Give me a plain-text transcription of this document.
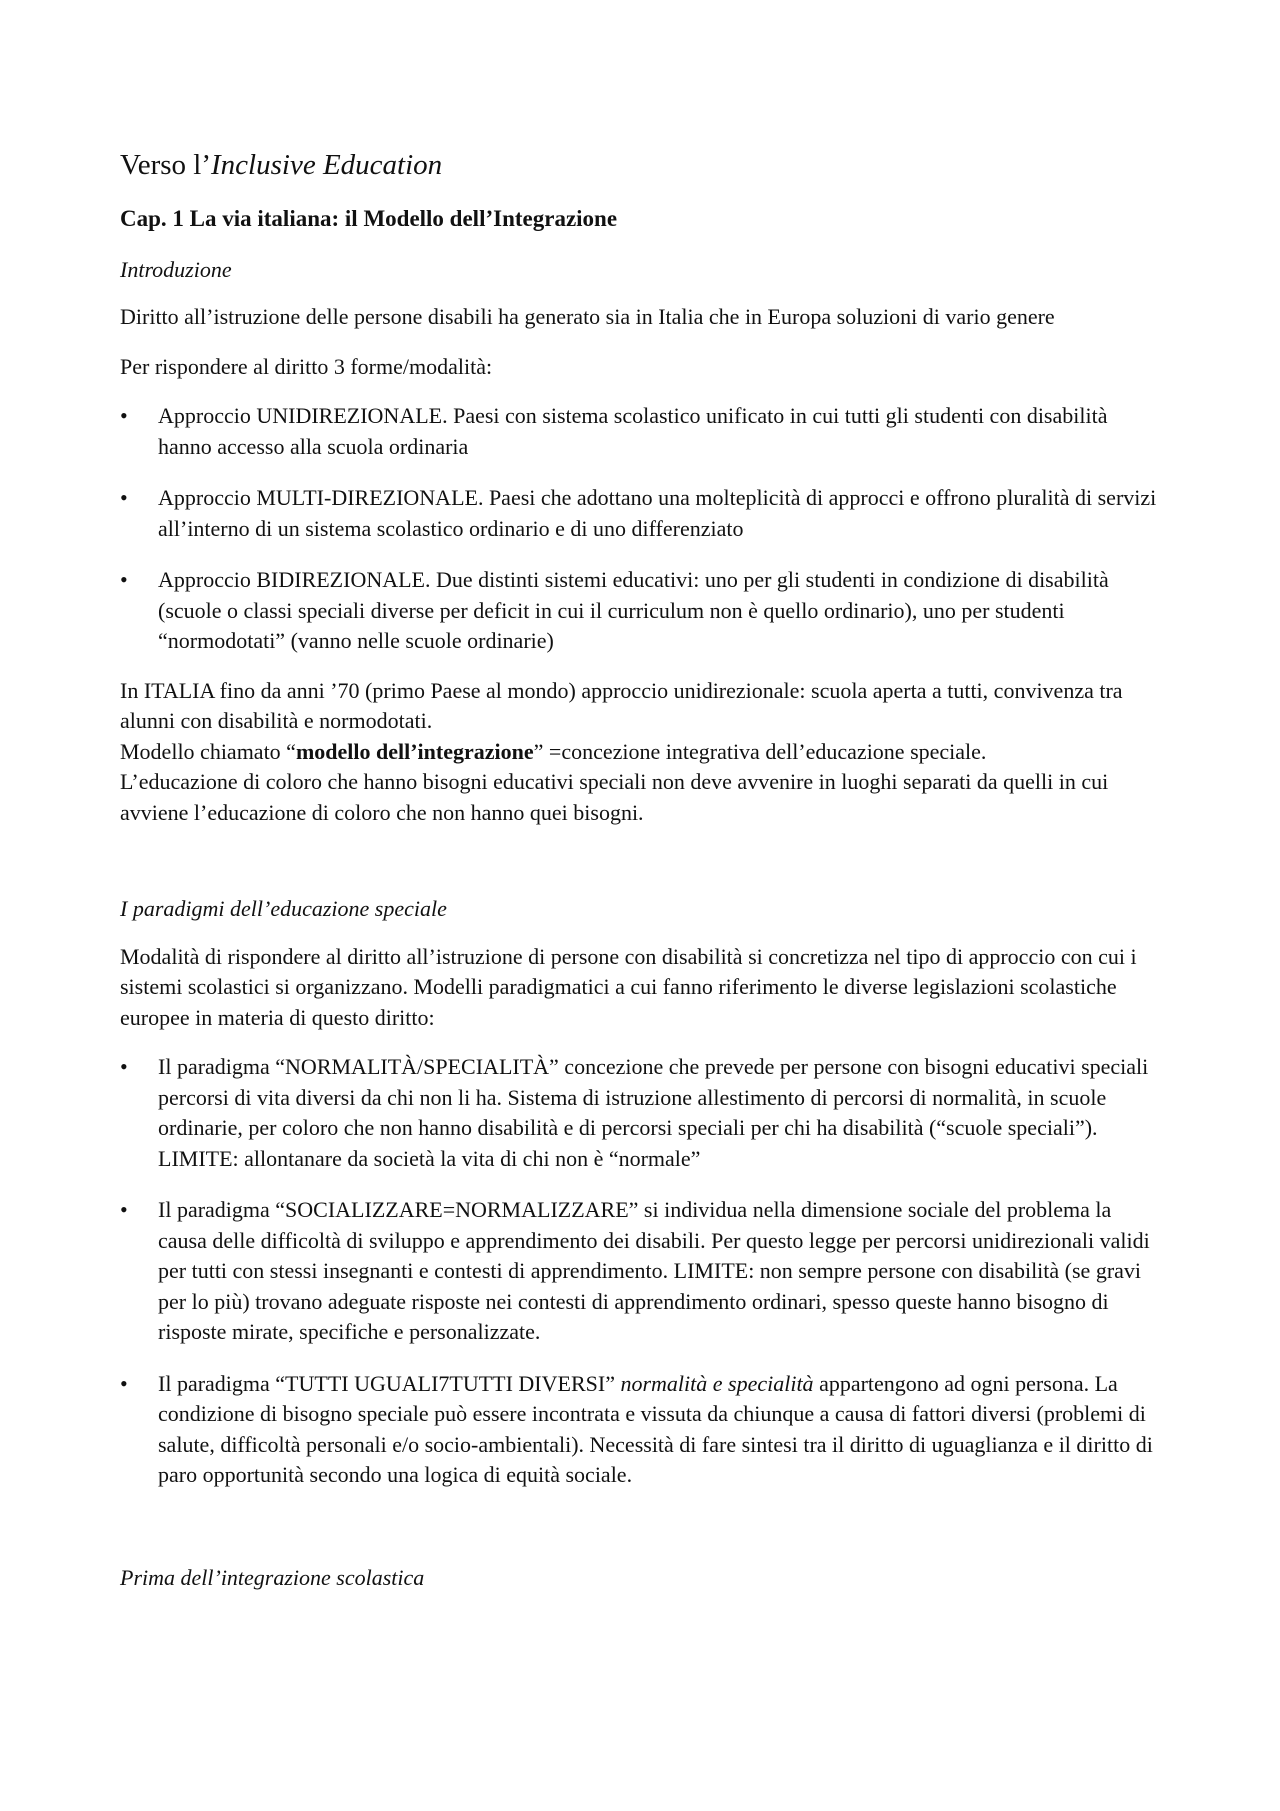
Verso l’Inclusive Education
Cap. 1 La via italiana: il Modello dell’Integrazione
Introduzione

Diritto all’istruzione delle persone disabili ha generato sia in Italia che in Europa soluzioni di vario genere

Per rispondere al diritto 3 forme/modalità:

• Approccio UNIDIREZIONALE. Paesi con sistema scolastico unificato in cui tutti gli studenti con disabilità hanno accesso alla scuola ordinaria
• Approccio MULTI-DIREZIONALE. Paesi che adottano una molteplicità di approcci e offrono pluralità di servizi all’interno di un sistema scolastico ordinario e di uno differenziato
• Approccio BIDIREZIONALE. Due distinti sistemi educativi: uno per gli studenti in condizione di disabilità (scuole o classi speciali diverse per deficit in cui il curriculum non è quello ordinario), uno per studenti “normodotati” (vanno nelle scuole ordinarie)

In ITALIA fino da anni ’70 (primo Paese al mondo) approccio unidirezionale: scuola aperta a tutti, convivenza tra alunni con disabilità e normodotati.
Modello chiamato “modello dell’integrazione” =concezione integrativa dell’educazione speciale.
L’educazione di coloro che hanno bisogni educativi speciali non deve avvenire in luoghi separati da quelli in cui avviene l’educazione di coloro che non hanno quei bisogni.

I paradigmi dell’educazione speciale

Modalità di rispondere al diritto all’istruzione di persone con disabilità si concretizza nel tipo di approccio con cui i sistemi scolastici si organizzano. Modelli paradigmatici a cui fanno riferimento le diverse legislazioni scolastiche europee in materia di questo diritto:

• Il paradigma “NORMALITÀ/SPECIALITÀ” concezione che prevede per persone con bisogni educativi speciali percorsi di vita diversi da chi non li ha. Sistema di istruzione allestimento di percorsi di normalità, in scuole ordinarie, per coloro che non hanno disabilità e di percorsi speciali per chi ha disabilità (“scuole speciali”). LIMITE: allontanare da società la vita di chi non è “normale”
• Il paradigma “SOCIALIZZARE=NORMALIZZARE” si individua nella dimensione sociale del problema la causa delle difficoltà di sviluppo e apprendimento dei disabili. Per questo legge per percorsi unidirezionali validi per tutti con stessi insegnanti e contesti di apprendimento. LIMITE: non sempre persone con disabilità (se gravi per lo più) trovano adeguate risposte nei contesti di apprendimento ordinari, spesso queste hanno bisogno di risposte mirate, specifiche e personalizzate.
• Il paradigma “TUTTI UGUALI7TUTTI DIVERSI” normalità e specialità appartengono ad ogni persona. La condizione di bisogno speciale può essere incontrata e vissuta da chiunque a causa di fattori diversi (problemi di salute, difficoltà personali e/o socio-ambientali). Necessità di fare sintesi tra il diritto di uguaglianza e il diritto di paro opportunità secondo una logica di equità sociale.
Prima dell’integrazione scolastica
